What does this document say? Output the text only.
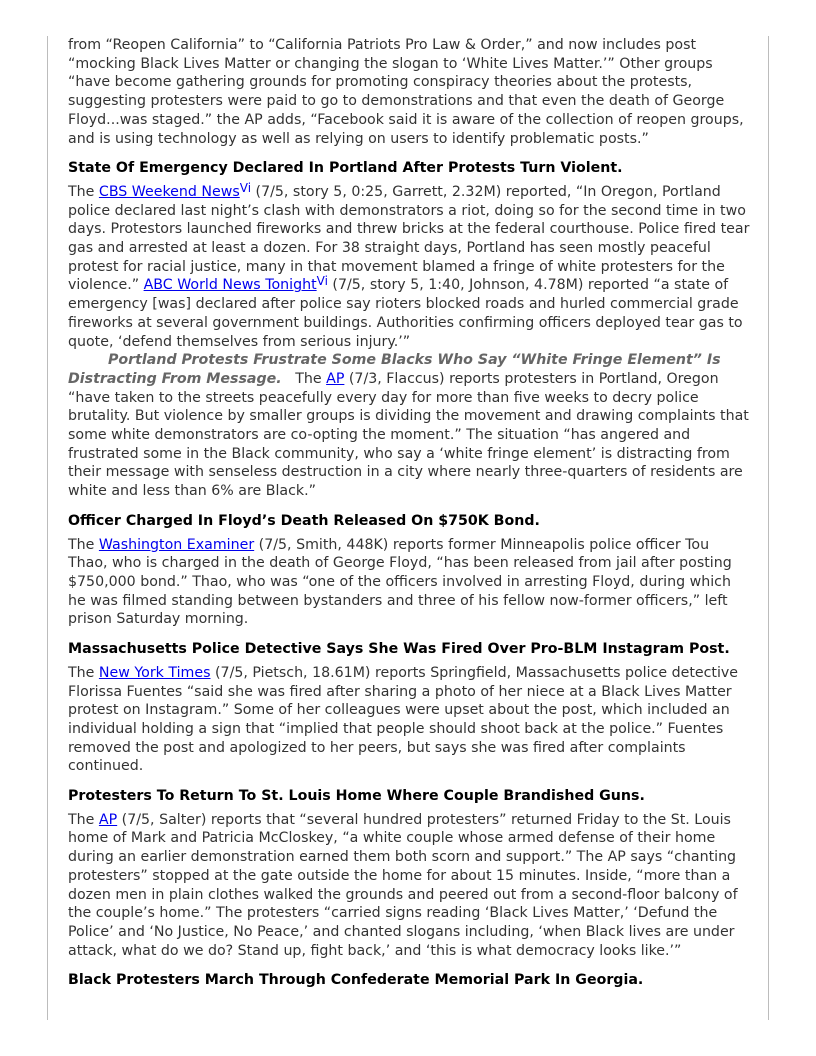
from “Reopen California” to “California Patriots Pro Law & Order,” and now includes post “mocking Black Lives Matter or changing the slogan to ‘White Lives Matter.’” Other groups “have become gathering grounds for promoting conspiracy theories about the protests, suggesting protesters were paid to go to demonstrations and that even the death of George Floyd...was staged.” the AP adds, “Facebook said it is aware of the collection of reopen groups, and is using technology as well as relying on users to identify problematic posts.”

State Of Emergency Declared In Portland After Protests Turn Violent.

The CBS Weekend News$^{Vi}$ (7/5, story 5, 0:25, Garrett, 2.32M) reported, “In Oregon, Portland police declared last night’s clash with demonstrators a riot, doing so for the second time in two days. Protestors launched fireworks and threw bricks at the federal courthouse. Police fired tear gas and arrested at least a dozen. For 38 straight days, Portland has seen mostly peaceful protest for racial justice, many in that movement blamed a fringe of white protesters for the violence.” ABC World News Tonight$^{Vi}$ (7/5, story 5, 1:40, Johnson, 4.78M) reported “a state of emergency [was] declared after police say rioters blocked roads and hurled commercial grade fireworks at several government buildings. Authorities confirming officers deployed tear gas to quote, ‘defend themselves from serious injury.’”

Portland Protests Frustrate Some Blacks Who Say “White Fringe Element” Is Distracting From Message.   The AP (7/3, Flaccus) reports protesters in Portland, Oregon “have taken to the streets peacefully every day for more than five weeks to decry police brutality. But violence by smaller groups is dividing the movement and drawing complaints that some white demonstrators are co-opting the moment.” The situation “has angered and frustrated some in the Black community, who say a ‘white fringe element’ is distracting from their message with senseless destruction in a city where nearly three-quarters of residents are white and less than 6% are Black.”

Officer Charged In Floyd’s Death Released On $750K Bond.

The Washington Examiner (7/5, Smith, 448K) reports former Minneapolis police officer Tou Thao, who is charged in the death of George Floyd, “has been released from jail after posting $750,000 bond.” Thao, who was “one of the officers involved in arresting Floyd, during which he was filmed standing between bystanders and three of his fellow now-former officers,” left prison Saturday morning.

Massachusetts Police Detective Says She Was Fired Over Pro-BLM Instagram Post.

The New York Times (7/5, Pietsch, 18.61M) reports Springfield, Massachusetts police detective Florissa Fuentes “said she was fired after sharing a photo of her niece at a Black Lives Matter protest on Instagram.” Some of her colleagues were upset about the post, which included an individual holding a sign that “implied that people should shoot back at the police.” Fuentes removed the post and apologized to her peers, but says she was fired after complaints continued.

Protesters To Return To St. Louis Home Where Couple Brandished Guns.

The AP (7/5, Salter) reports that “several hundred protesters” returned Friday to the St. Louis home of Mark and Patricia McCloskey, “a white couple whose armed defense of their home during an earlier demonstration earned them both scorn and support.” The AP says “chanting protesters” stopped at the gate outside the home for about 15 minutes. Inside, “more than a dozen men in plain clothes walked the grounds and peered out from a second-floor balcony of the couple’s home.” The protesters “carried signs reading ‘Black Lives Matter,’ ‘Defund the Police’ and ‘No Justice, No Peace,’ and chanted slogans including, ‘when Black lives are under attack, what do we do? Stand up, fight back,’ and ‘this is what democracy looks like.’”

Black Protesters March Through Confederate Memorial Park In Georgia.
